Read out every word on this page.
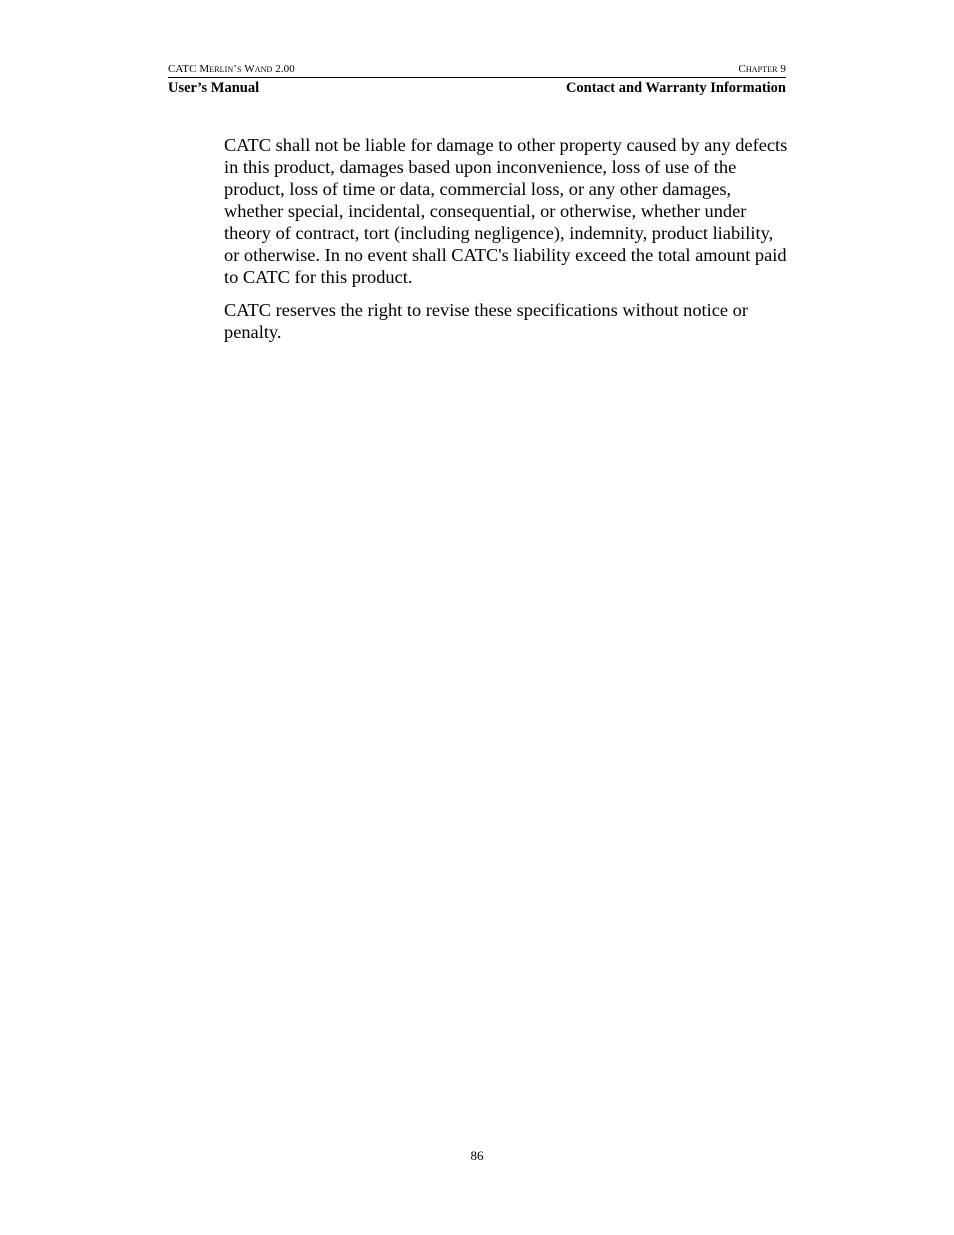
CATC Merlin’s Wand 2.00	Chapter 9
User’s Manual	Contact and Warranty Information

CATC shall not be liable for damage to other property caused by any defects in this product, damages based upon inconvenience, loss of use of the product, loss of time or data, commercial loss, or any other damages, whether special, incidental, consequential, or otherwise, whether under theory of contract, tort (including negligence), indemnity, product liability, or otherwise. In no event shall CATC's liability exceed the total amount paid to CATC for this product.

CATC reserves the right to revise these specifications without notice or penalty.

86
